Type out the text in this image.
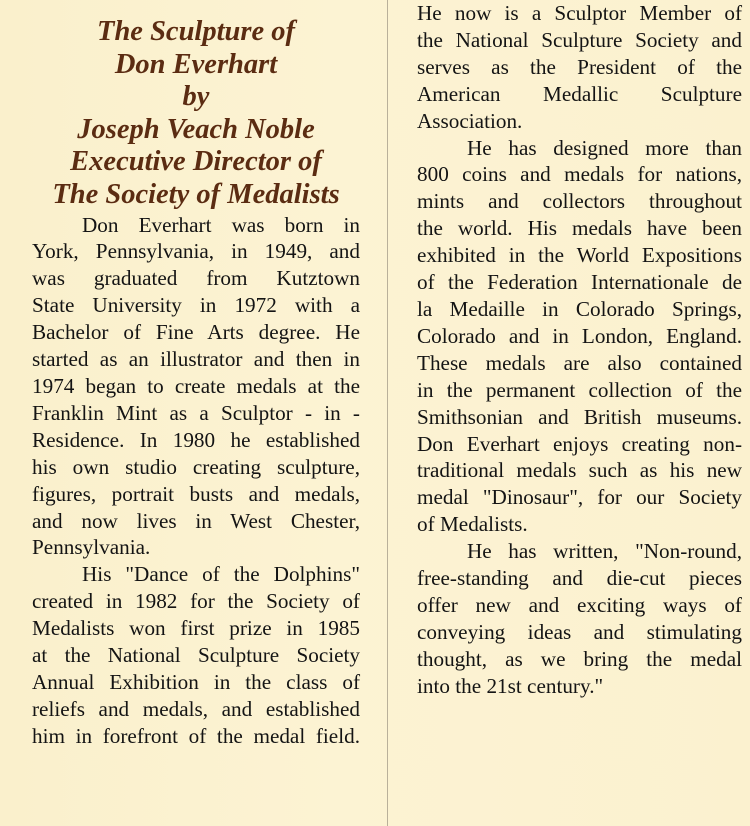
The Sculpture of
Don Everhart
by
Joseph Veach Noble
Executive Director of
The Society of Medalists

Don Everhart was born in
York, Pennsylvania, in 1949, and
was graduated from Kutztown
State University in 1972 with a
Bachelor of Fine Arts degree. He
started as an illustrator and then in
1974 began to create medals at the
Franklin Mint as a Sculptor - in -
Residence. In 1980 he established
his own studio creating sculpture,
figures, portrait busts and medals,
and now lives in West Chester,
Pennsylvania.

His "Dance of the Dolphins"
created in 1982 for the Society of
Medalists won first prize in 1985
at the National Sculpture Society
Annual Exhibition in the class of
reliefs and medals, and established
him in forefront of the medal field.

He now is a Sculptor Member of
the National Sculpture Society and
serves as the President of the
American Medallic Sculpture
Association.

He has designed more than
800 coins and medals for nations,
mints and collectors throughout
the world. His medals have been
exhibited in the World Expositions
of the Federation Internationale de
la Medaille in Colorado Springs,
Colorado and in London, England.
These medals are also contained
in the permanent collection of the
Smithsonian and British museums.
Don Everhart enjoys creating non-
traditional medals such as his new
medal "Dinosaur", for our Society
of Medalists.

He has written, "Non-round,
free-standing and die-cut pieces
offer new and exciting ways of
conveying ideas and stimulating
thought, as we bring the medal
into the 21st century."
